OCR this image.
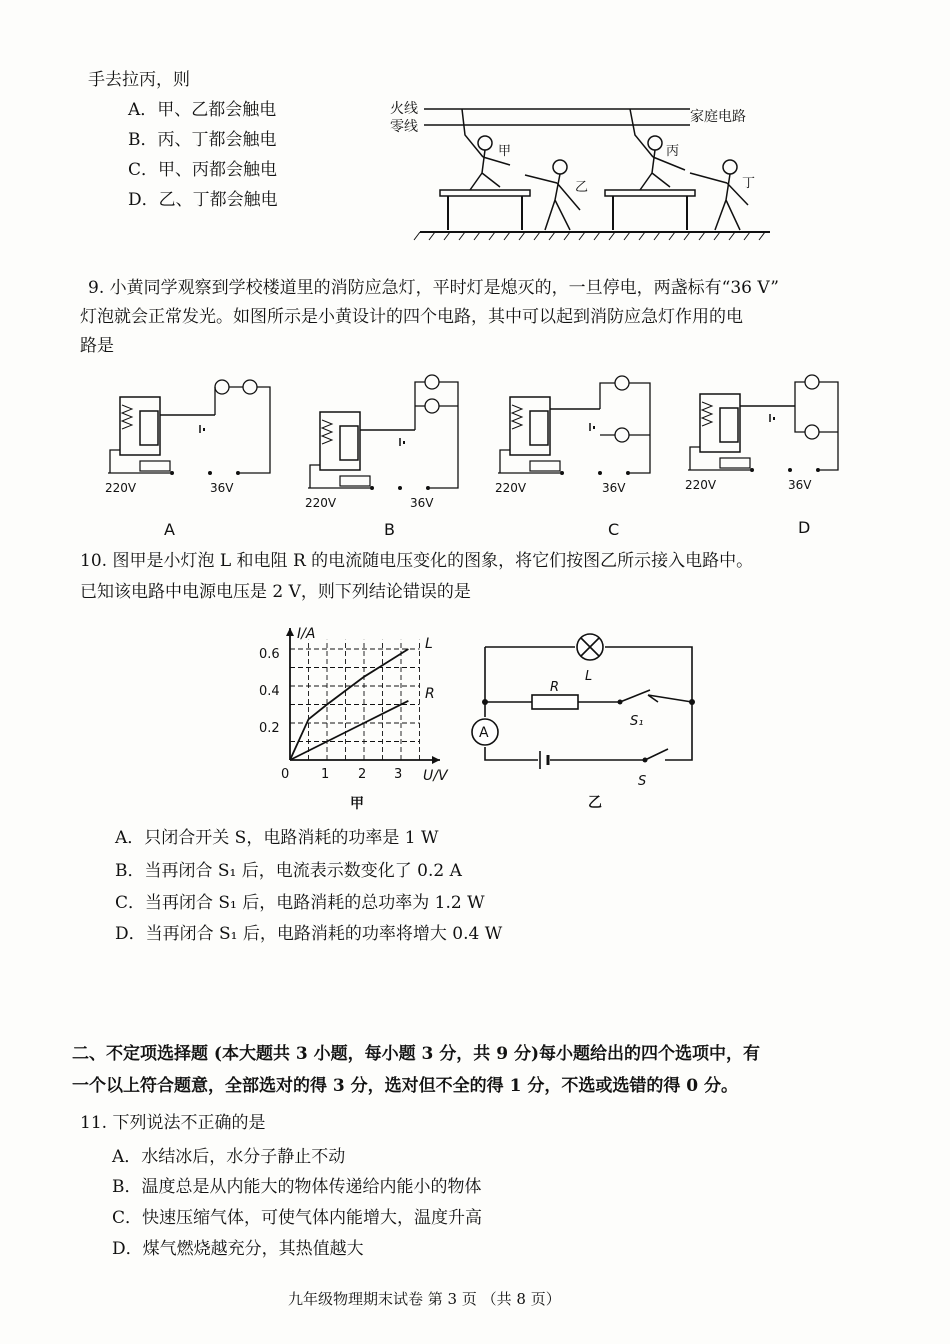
手去拉丙，则
A．甲、乙都会触电
B．丙、丁都会触电
C．甲、丙都会触电
D．乙、丁都会触电
火线
零线
家庭电路
甲
乙
丙
丁
9. 小黄同学观察到学校楼道里的消防应急灯，平时灯是熄灭的，一旦停电，两盏标有“36 V”
灯泡就会正常发光。如图所示是小黄设计的四个电路，其中可以起到消防应急灯作用的电
路是
220V	36V
A
220V	36V
B
220V	36V
C
220V	36V
D
10. 图甲是小灯泡 L 和电阻 R 的电流随电压变化的图象，将它们按图乙所示接入电路中。
已知该电路中电源电压是 2 V，则下列结论错误的是
I/A
U/V
0.6
0.4
0.2
0 1 2 3
L
R
甲
L
R
S₁
A
S
乙
A．只闭合开关 S，电路消耗的功率是 1 W
B．当再闭合 S₁ 后，电流表示数变化了 0.2 A
C．当再闭合 S₁ 后，电路消耗的总功率为 1.2 W
D．当再闭合 S₁ 后，电路消耗的功率将增大 0.4 W
二、不定项选择题 (本大题共 3 小题，每小题 3 分，共 9 分)每小题给出的四个选项中，有
一个以上符合题意，全部选对的得 3 分，选对但不全的得 1 分，不选或选错的得 0 分。
11. 下列说法不正确的是
A．水结冰后，水分子静止不动
B．温度总是从内能大的物体传递给内能小的物体
C．快速压缩气体，可使气体内能增大，温度升高
D．煤气燃烧越充分，其热值越大
九年级物理期末试卷 第 3 页 （共 8 页）
